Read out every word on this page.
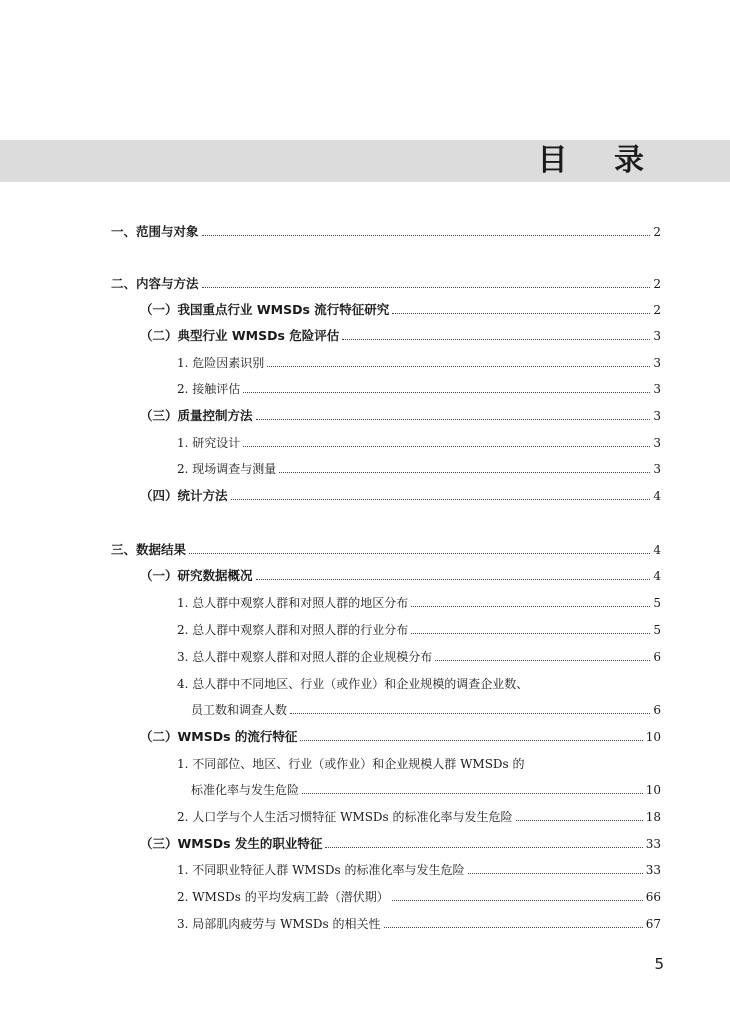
目 录
一、范围与对象	2
二、内容与方法	2
（一）我国重点行业 WMSDs 流行特征研究	2
（二）典型行业 WMSDs 危险评估	3
1. 危险因素识别	3
2. 接触评估	3
（三）质量控制方法	3
1. 研究设计	3
2. 现场调查与测量	3
（四）统计方法	4
三、数据结果	4
（一）研究数据概况	4
1. 总人群中观察人群和对照人群的地区分布	5
2. 总人群中观察人群和对照人群的行业分布	5
3. 总人群中观察人群和对照人群的企业规模分布	6
4. 总人群中不同地区、行业（或作业）和企业规模的调查企业数、
员工数和调查人数	6
（二）WMSDs 的流行特征	10
1. 不同部位、地区、行业（或作业）和企业规模人群 WMSDs 的
标准化率与发生危险	10
2. 人口学与个人生活习惯特征 WMSDs 的标准化率与发生危险	18
（三）WMSDs 发生的职业特征	33
1. 不同职业特征人群 WMSDs 的标准化率与发生危险	33
2. WMSDs 的平均发病工龄（潜伏期）	66
3. 局部肌肉疲劳与 WMSDs 的相关性	67
5
